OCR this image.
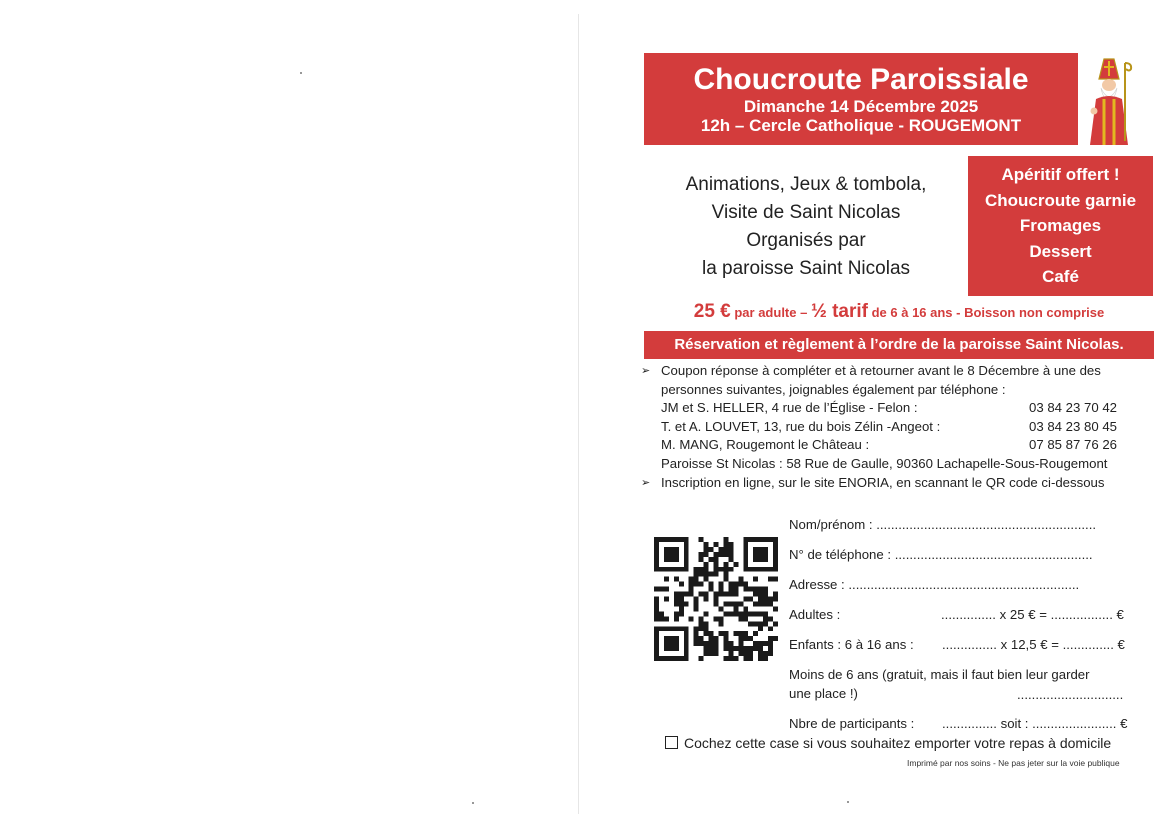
Choucroute Paroissiale
Dimanche 14 Décembre 2025
12h – Cercle Catholique - ROUGEMONT
Animations, Jeux & tombola,
Visite de Saint Nicolas
Organisés par
la paroisse Saint Nicolas
Apéritif offert !
Choucroute garnie
Fromages
Dessert
Café
25 € par adulte – ½ tarif de 6 à 16 ans - Boisson non comprise
Réservation et règlement à l’ordre de la paroisse Saint Nicolas.
➢ Coupon réponse à compléter et à retourner avant le 8 Décembre à une des
personnes suivantes, joignables également par téléphone :
JM et S. HELLER, 4 rue de l’Église - Felon :	03 84 23 70 42
T. et A. LOUVET, 13, rue du bois Zélin -Angeot :	03 84 23 80 45
M. MANG, Rougemont le Château :	07 85 87 76 26
Paroisse St Nicolas : 58 Rue de Gaulle, 90360 Lachapelle-Sous-Rougemont
➢ Inscription en ligne, sur le site ENORIA, en scannant le QR code ci-dessous
Nom/prénom : ............................................................
N° de téléphone : ......................................................
Adresse : ...............................................................
Adultes :	............... x 25 € = ................. €
Enfants : 6 à 16 ans : ............... x 12,5 € = .............. €
Moins de 6 ans (gratuit, mais il faut bien leur garder
une place !)	.............................
Nbre de participants : ............... soit : ....................... €
Cochez cette case si vous souhaitez emporter votre repas à domicile
Imprimé par nos soins - Ne pas jeter sur la voie publique
